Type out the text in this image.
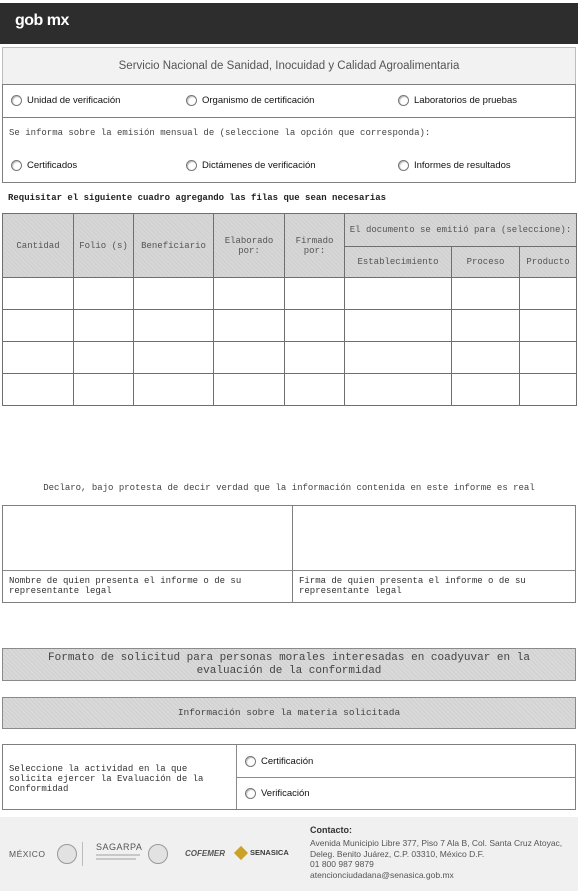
gob mx
Servicio Nacional de Sanidad, Inocuidad y Calidad Agroalimentaria
Unidad de verificación	Organismo de certificación	Laboratorios de pruebas
Se informa sobre la emisión mensual de (seleccione la opción que corresponda):
Certificados	Dictámenes de verificación	Informes de resultados
Requisitar el siguiente cuadro agregando las filas que sean necesarias
Cantidad	Folio (s)	Beneficiario	Elaborado por:	Firmado por:	El documento se emitió para (seleccione):		
					Establecimiento	Proceso	Producto

Declaro, bajo protesta de decir verdad que la información contenida en este informe es real
Nombre de quien presenta el informe o de su representante legal
Firma de quien presenta el informe o de su representante legal
Formato de solicitud para personas morales interesadas en coadyuvar en la evaluación de la conformidad
Información sobre la materia solicitada
Seleccione la actividad en la que solicita ejercer la Evaluación de la Conformidad
Certificación
Verificación
MÉXICO
SAGARPA
COFEMER	SENASICA
Contacto:
Avenida Municipio Libre 377, Piso 7 Ala B, Col. Santa Cruz Atoyac,
Deleg. Benito Juárez, C.P. 03310, México D.F.
01 800 987 9879
atencionciudadana@senasica.gob.mx
